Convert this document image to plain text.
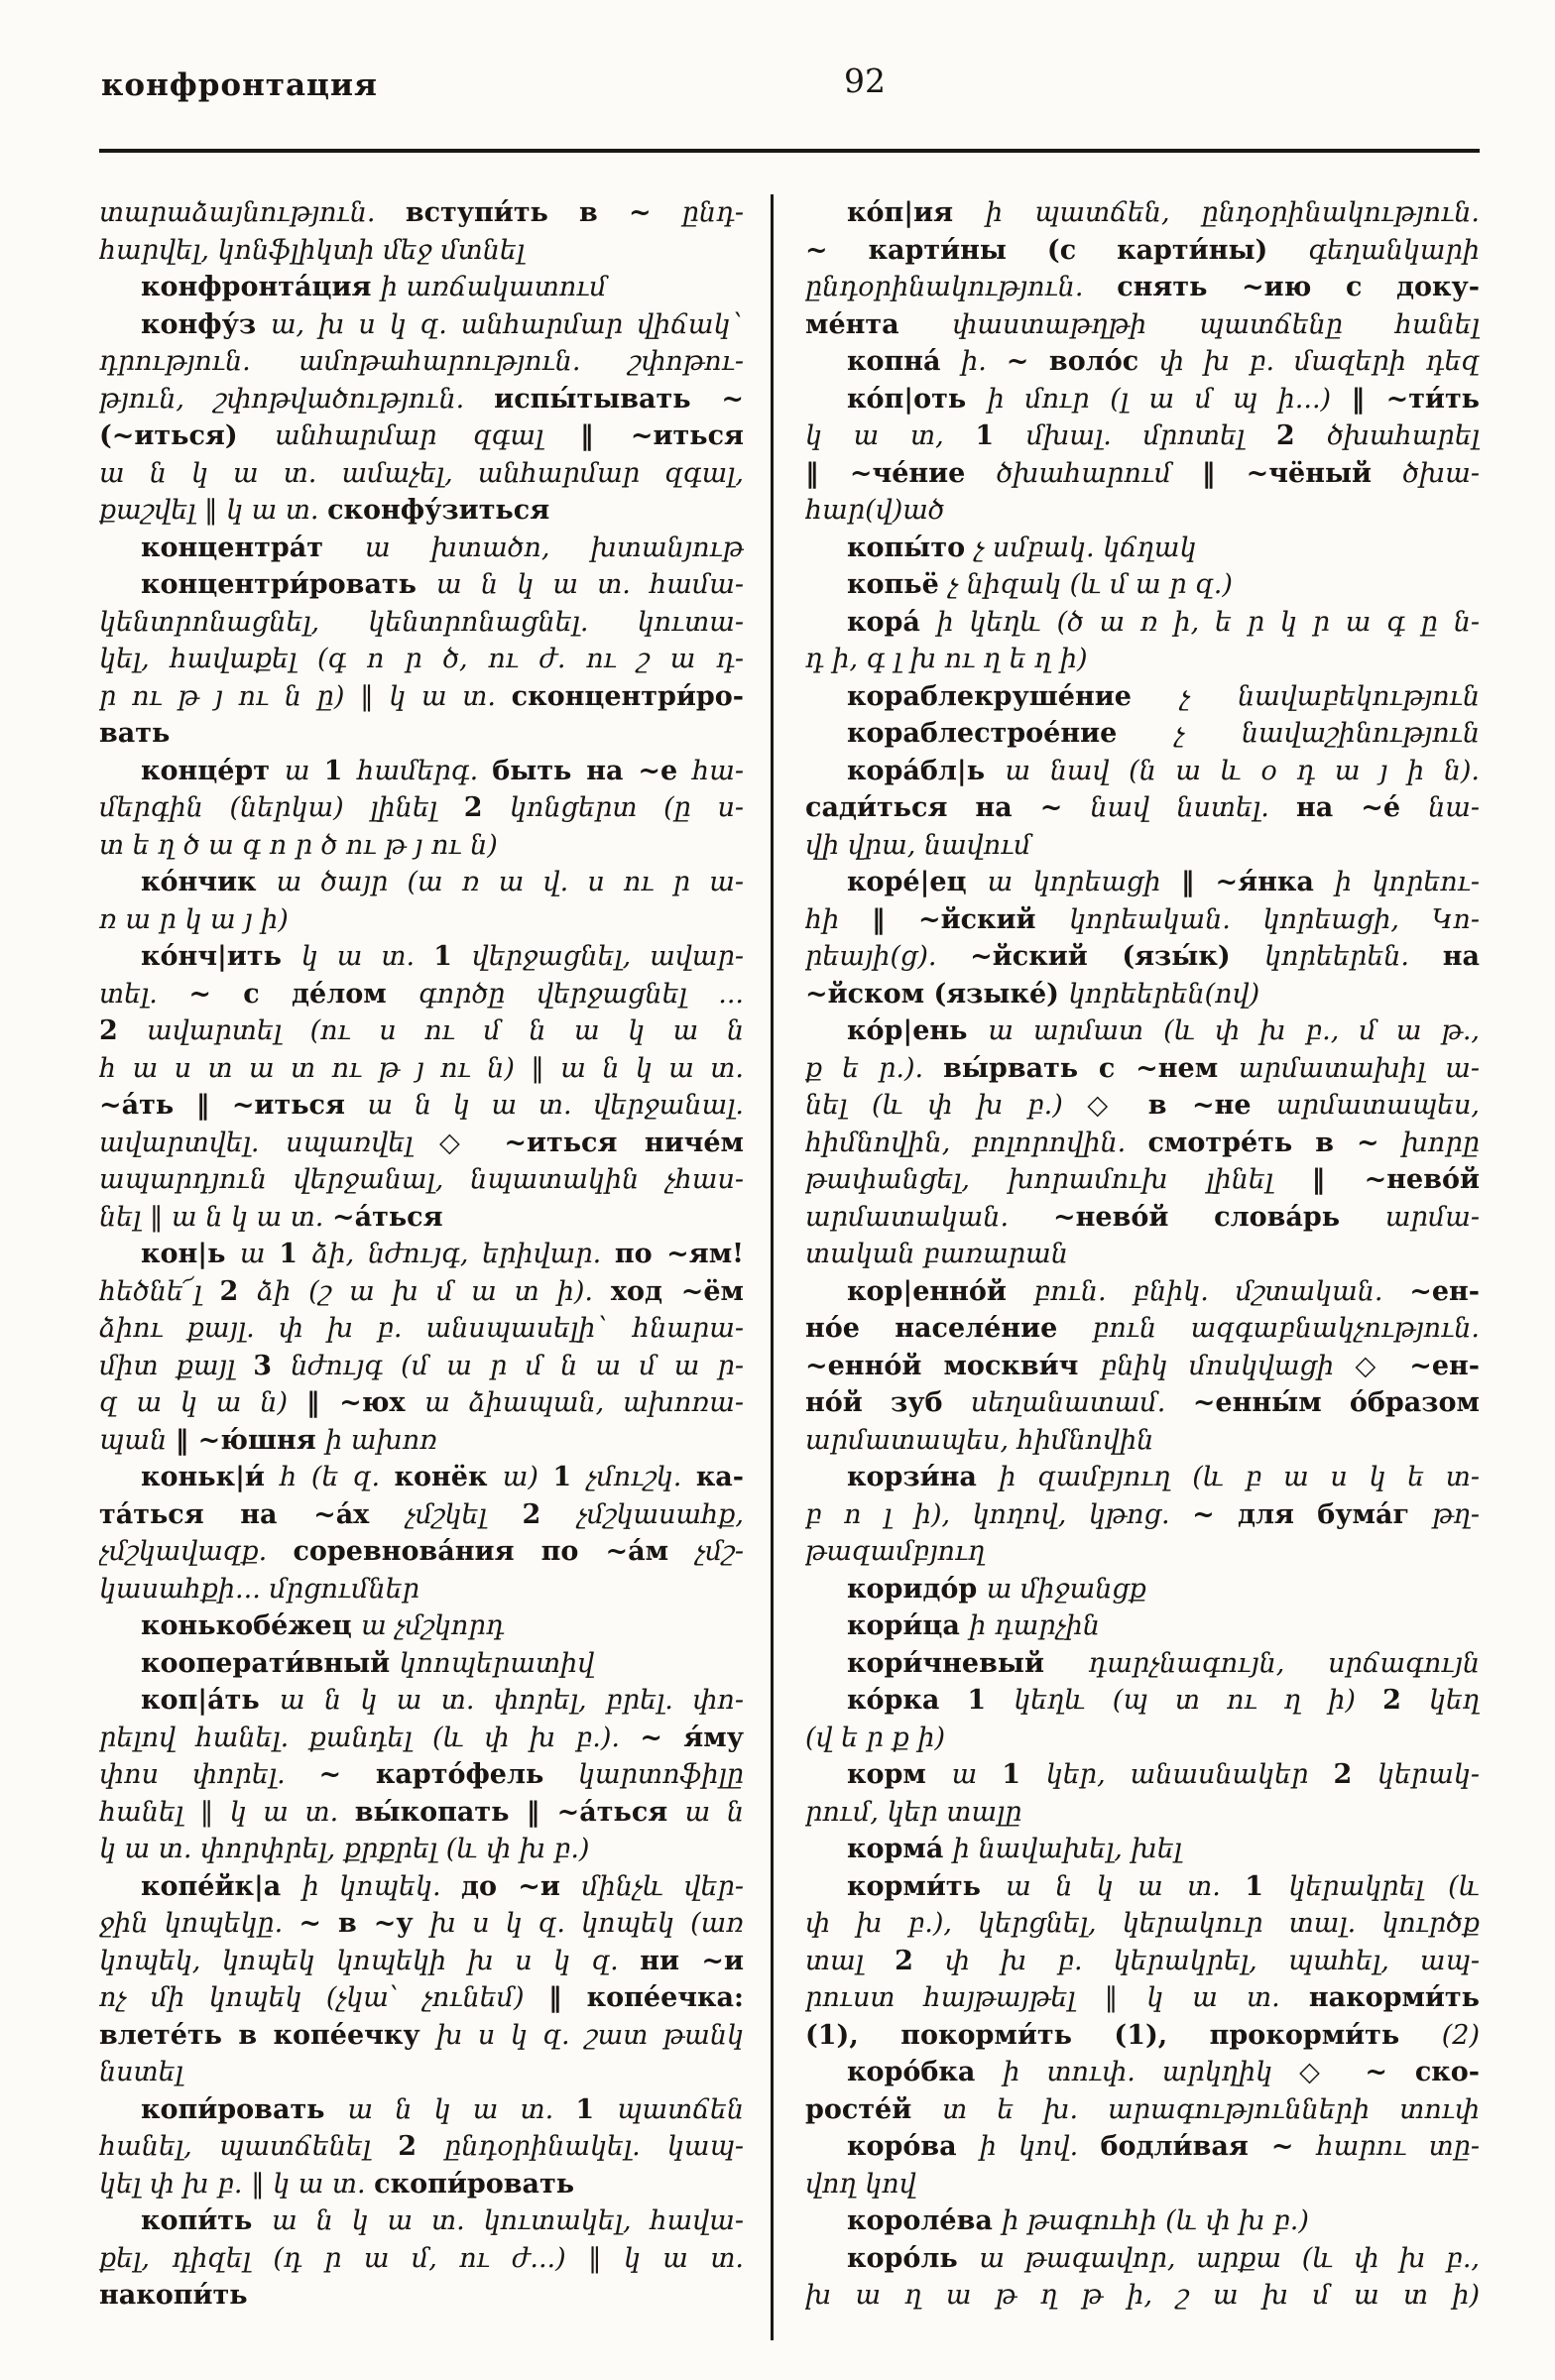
конфронтация	92
տարաձայնություն. вступи́ть в ~ ընդ-
հարվել, կոնֆլիկտի մեջ մտնել
конфронта́ция ի առճակատում
конфу́з ա, խ ս կ զ. անհարմար վիճակ`
դրություն. ամոթահարություն. շփոթու-
թյուն, շփոթվածություն. испы́тывать ~
(~иться) անհարմար զգալ ‖ ~иться
ա ն կ ա տ. ամաչել, անհարմար զգալ,
քաշվել ‖ կ ա տ. сконфу́зиться
концентра́т ա խտածո, խտանյութ
концентри́ровать ա ն կ ա տ. համա-
կենտրոնացնել, կենտրոնացնել. կուտա-
կել, հավաքել (գ ո ր ծ, ու ժ. ու շ ա դ-
ր ու թ յ ու ն ը) ‖ կ ա տ. сконцентри́ро-
вать
конце́рт ա 1 համերգ. быть на ~е հա-
մերգին (ներկա) լինել 2 կոնցերտ (ը ս-
տ ե ղ ծ ա գ ո ր ծ ու թ յ ու ն)
ко́нчик ա ծայր (ա ռ ա վ. ս ու ր ա-
ռ ա ր կ ա յ ի)
ко́нч|ить կ ա տ. 1 վերջացնել, ավար-
տել. ~ с де́лом գործը վերջացնել ...
2 ավարտել (ու ս ու մ ն ա կ ա ն
հ ա ս տ ա տ ու թ յ ու ն) ‖ ա ն կ ա տ.
~а́ть ‖ ~иться ա ն կ ա տ. վերջանալ.
ավարտվել. սպառվել ◇ ~иться ниче́м
ապարդյուն վերջանալ, նպատակին չհաս-
նել ‖ ա ն կ ա տ. ~а́ться
кон|ь ա 1 ձի, նժույգ, երիվար. по ~ям!
հեծնե՜լ 2 ձի (շ ա խ մ ա տ ի). ход ~ём
ձիու քայլ. փ խ բ. անսպասելի` հնարա-
միտ քայլ 3 նժույգ (մ ա ր մ ն ա մ ա ր-
զ ա կ ա ն) ‖ ~юх ա ձիապան, ախոռա-
պան ‖ ~ю́шня ի ախոռ
коньк|и́ հ (ե զ. конёк ա) 1 չմուշկ. ка-
та́ться на ~а́х չմշկել 2 չմշկասահք,
չմշկավազք. соревнова́ния по ~а́м չմշ-
կասահքի... մրցումներ
конькобе́жец ա չմշկորդ
кооперати́вный կոոպերատիվ
коп|а́ть ա ն կ ա տ. փորել, բրել. փո-
րելով հանել. քանդել (և փ խ բ.). ~ я́му
փոս փորել. ~ карто́фель կարտոֆիլը
հանել ‖ կ ա տ. вы́копать ‖ ~а́ться ա ն
կ ա տ. փորփրել, քրքրել (և փ խ բ.)
копе́йк|а ի կոպեկ. до ~и մինչև վեր-
ջին կոպեկը. ~ в ~у խ ս կ զ. կոպեկ (առ
կոպեկ, կոպեկ կոպեկի խ ս կ զ. ни ~и
ոչ մի կոպեկ (չկա՝ չունեմ) ‖ копе́ечка:
влете́ть в копе́ечку խ ս կ զ. շատ թանկ
նստել
копи́ровать ա ն կ ա տ. 1 պատճեն
հանել, պատճենել 2 ընդօրինակել. կապ-
կել փ խ բ. ‖ կ ա տ. скопи́ровать
копи́ть ա ն կ ա տ. կուտակել, հավա-
քել, դիզել (դ ր ա մ, ու ժ...) ‖ կ ա տ.
накопи́ть
ко́п|ия ի պատճեն, ընդօրինակություն.
~ карти́ны (с карти́ны) գեղանկարի
ընդօրինակություն. снять ~ию с доку-
ме́нта փաստաթղթի պատճենը հանել
копна́ ի. ~ воло́с փ խ բ. մազերի դեզ
ко́п|оть ի մուր (լ ա մ պ ի...) ‖ ~ти́ть
կ ա տ, 1 մխալ. մրոտել 2 ծխահարել
‖ ~че́ние ծխահարում ‖ ~чёный ծխա-
հար(վ)ած
копы́то չ սմբակ. կճղակ
копьё չ նիզակ (և մ ա ր զ.)
кора́ ի կեղև (ծ ա ռ ի, ե ր կ ր ա գ ը ն-
դ ի, գ լ խ ու ղ ե ղ ի)
кораблекруше́ние չ նավաբեկություն
кораблестрое́ние չ նավաշինություն
кора́бл|ь ա նավ (ն ա և օ դ ա յ ի ն).
сади́ться на ~ նավ նստել. на ~е́ նա-
վի վրա, նավում
коре́|ец ա կորեացի ‖ ~я́нка ի կորեու-
հի ‖ ~йский կորեական. կորեացի, Կո-
րեայի(ց). ~йский (язы́к) կորեերեն. на
~йском (языке́) կորեերեն(ով)
ко́р|ень ա արմատ (և փ խ բ., մ ա թ.,
ք ե ր.). вы́рвать с ~нем արմատախիլ ա-
նել (և փ խ բ.) ◇ в ~не արմատապես,
հիմնովին, բոլորովին. смотре́ть в ~ խորը
թափանցել, խորամուխ լինել ‖ ~нево́й
արմատական. ~нево́й слова́рь արմա-
տական բառարան
кор|енно́й բուն. բնիկ. մշտական. ~ен-
но́е населе́ние բուն ազգաբնակչություն.
~енно́й москви́ч բնիկ մոսկվացի ◇ ~ен-
но́й зуб սեղանատամ. ~енны́м о́бразом
արմատապես, հիմնովին
корзи́на ի զամբյուղ (և բ ա ս կ ե տ-
բ ո լ ի), կողով, կթոց. ~ для бума́г թղ-
թազամբյուղ
коридо́р ա միջանցք
кори́ца ի դարչին
кори́чневый դարչնագույն, սրճագույն
ко́рка 1 կեղև (պ տ ու ղ ի) 2 կեղ
(վ ե ր ք ի)
корм ա 1 կեր, անասնակեր 2 կերակ-
րում, կեր տալը
корма́ ի նավախել, խել
корми́ть ա ն կ ա տ. 1 կերակրել (և
փ խ բ.), կերցնել, կերակուր տալ. կուրծք
տալ 2 փ խ բ. կերակրել, պահել, ապ-
րուստ հայթայթել ‖ կ ա տ. накорми́ть
(1), покорми́ть (1), прокорми́ть (2)
коро́бка ի տուփ. արկղիկ ◇ ~ ско-
росте́й տ ե խ. արագությունների տուփ
коро́ва ի կով. бодли́вая ~ հարու տը-
վող կով
короле́ва ի թագուհի (և փ խ բ.)
коро́ль ա թագավոր, արքա (և փ խ բ.,
խ ա ղ ա թ ղ թ ի, շ ա խ մ ա տ ի)
